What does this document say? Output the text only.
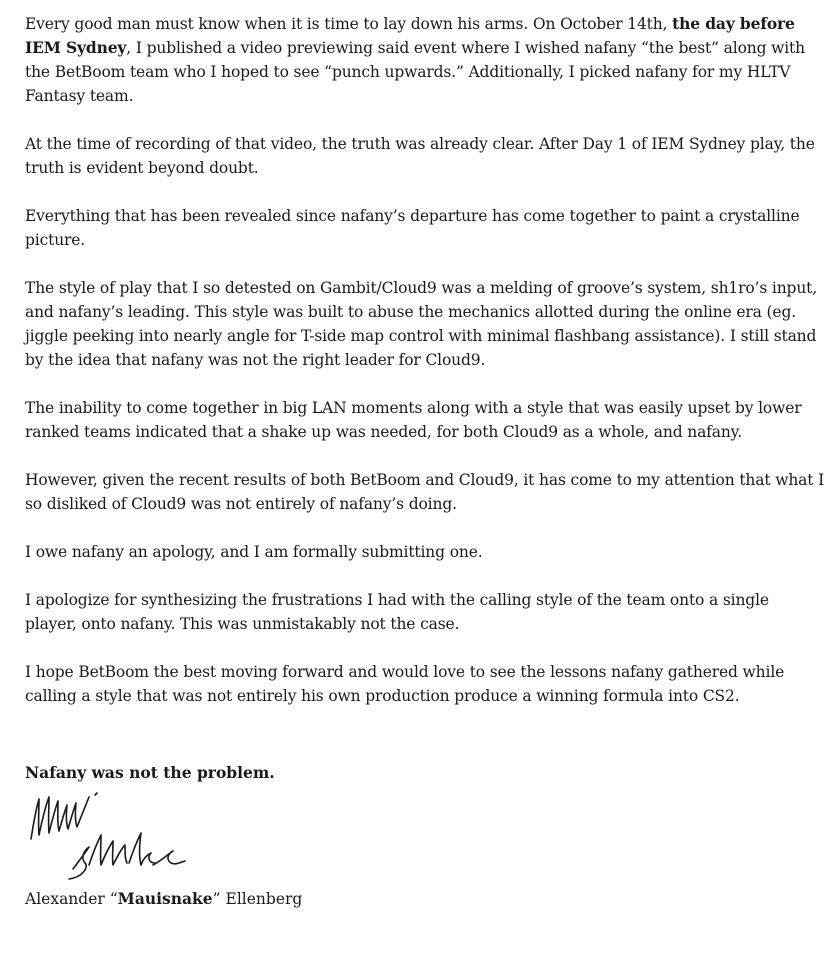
Every good man must know when it is time to lay down his arms. On October 14th, the day before IEM Sydney, I published a video previewing said event where I wished nafany “the best” along with the BetBoom team who I hoped to see “punch upwards.” Additionally, I picked nafany for my HLTV Fantasy team.

At the time of recording of that video, the truth was already clear. After Day 1 of IEM Sydney play, the truth is evident beyond doubt.

Everything that has been revealed since nafany’s departure has come together to paint a crystalline picture.

The style of play that I so detested on Gambit/Cloud9 was a melding of groove’s system, sh1ro’s input, and nafany’s leading. This style was built to abuse the mechanics allotted during the online era (eg. jiggle peeking into nearly angle for T-side map control with minimal flashbang assistance). I still stand by the idea that nafany was not the right leader for Cloud9.

The inability to come together in big LAN moments along with a style that was easily upset by lower ranked teams indicated that a shake up was needed, for both Cloud9 as a whole, and nafany.

However, given the recent results of both BetBoom and Cloud9, it has come to my attention that what I so disliked of Cloud9 was not entirely of nafany’s doing.

I owe nafany an apology, and I am formally submitting one.

I apologize for synthesizing the frustrations I had with the calling style of the team onto a single player, onto nafany. This was unmistakably not the case.

I hope BetBoom the best moving forward and would love to see the lessons nafany gathered while calling a style that was not entirely his own production produce a winning formula into CS2.

Nafany was not the problem.
Alexander “Mauisnake” Ellenberg
